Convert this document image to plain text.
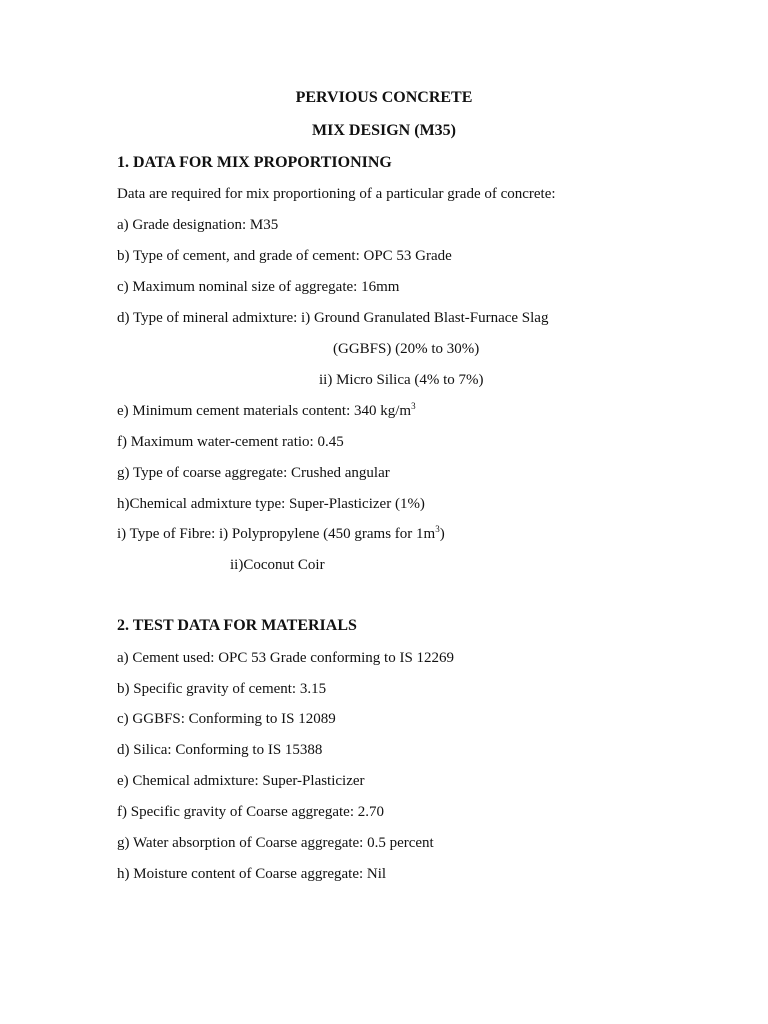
PERVIOUS CONCRETE
MIX DESIGN (M35)
1. DATA FOR MIX PROPORTIONING
Data are required for mix proportioning of a particular grade of concrete:
a) Grade designation: M35
b) Type of cement, and grade of cement: OPC 53 Grade
c) Maximum nominal size of aggregate: 16mm
d) Type of mineral admixture: i) Ground Granulated Blast-Furnace Slag
(GGBFS) (20% to 30%)
ii) Micro Silica (4% to 7%)
e) Minimum cement materials content: 340 $kg/m^3$
f) Maximum water-cement ratio: 0.45
g) Type of coarse aggregate: Crushed angular
h)Chemical admixture type: Super-Plasticizer (1%)
i) Type of Fibre: i) Polypropylene (450 grams for $1m^3$)
ii)Coconut Coir
2. TEST DATA FOR MATERIALS
a) Cement used: OPC 53 Grade conforming to IS 12269
b) Specific gravity of cement: 3.15
c) GGBFS: Conforming to IS 12089
d) Silica: Conforming to IS 15388
e) Chemical admixture: Super-Plasticizer
f) Specific gravity of Coarse aggregate: 2.70
g) Water absorption of Coarse aggregate: 0.5 percent
h) Moisture content of Coarse aggregate: Nil
